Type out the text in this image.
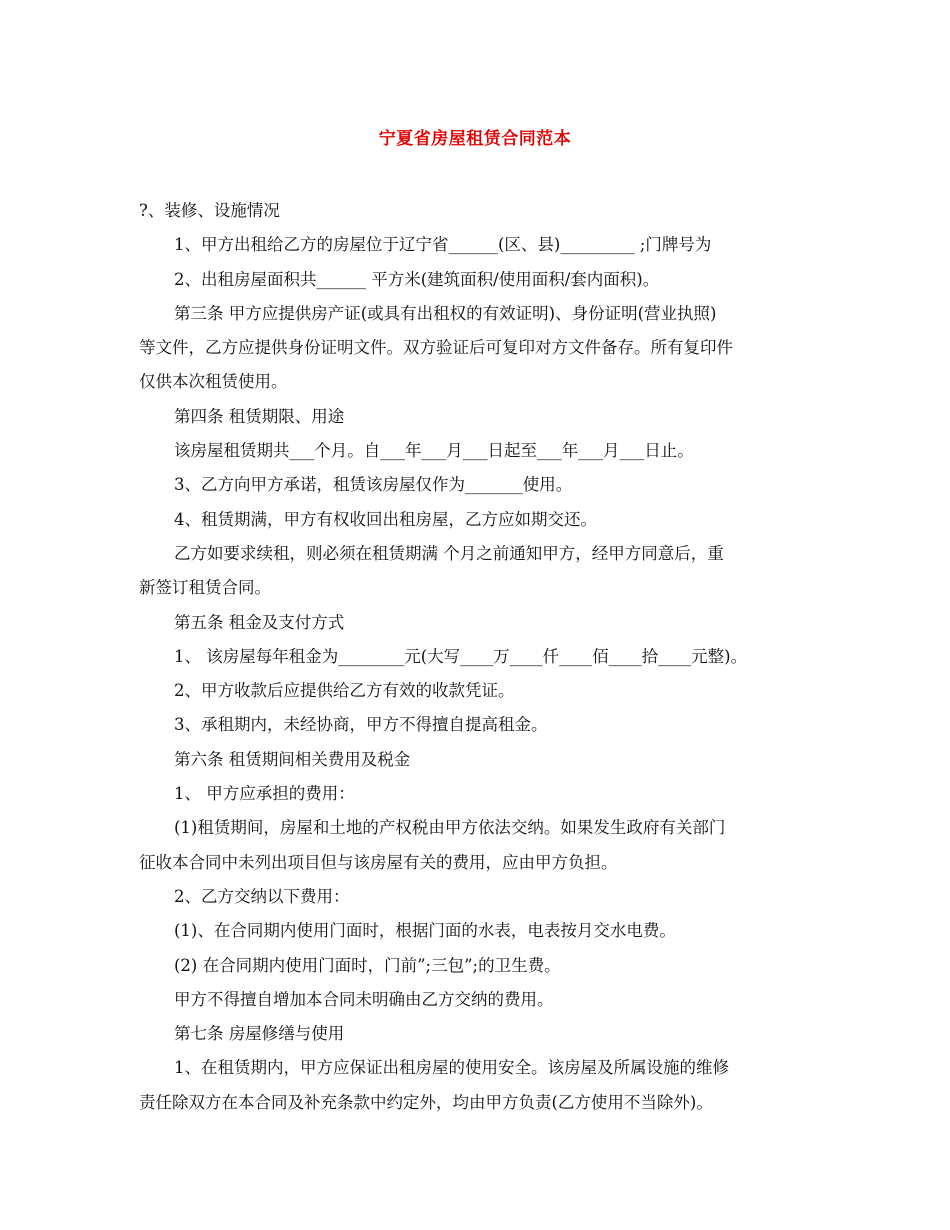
宁夏省房屋租赁合同范本
?、装修、设施情况
1、甲方出租给乙方的房屋位于辽宁省______(区、县)_________ ;门牌号为
2、出租房屋面积共______ 平方米(建筑面积/使用面积/套内面积)。
第三条 甲方应提供房产证(或具有出租权的有效证明)、身份证明(营业执照)
等文件，乙方应提供身份证明文件。双方验证后可复印对方文件备存。所有复印件
仅供本次租赁使用。
第四条 租赁期限、用途
该房屋租赁期共___个月。自___年___月___日起至___年___月___日止。
3、乙方向甲方承诺，租赁该房屋仅作为_______使用。
4、租赁期满，甲方有权收回出租房屋，乙方应如期交还。
乙方如要求续租，则必须在租赁期满 个月之前通知甲方，经甲方同意后，重
新签订租赁合同。
第五条 租金及支付方式
1、 该房屋每年租金为________元(大写____万____仟____佰____拾____元整)。
2、甲方收款后应提供给乙方有效的收款凭证。
3、承租期内，未经协商，甲方不得擅自提高租金。
第六条 租赁期间相关费用及税金
1、 甲方应承担的费用：
(1)租赁期间，房屋和土地的产权税由甲方依法交纳。如果发生政府有关部门
征收本合同中未列出项目但与该房屋有关的费用，应由甲方负担。
2、乙方交纳以下费用：
(1)、在合同期内使用门面时，根据门面的水表，电表按月交水电费。
(2) 在合同期内使用门面时，门前”;三包”;的卫生费。
甲方不得擅自增加本合同未明确由乙方交纳的费用。
第七条 房屋修缮与使用
1、在租赁期内，甲方应保证出租房屋的使用安全。该房屋及所属设施的维修
责任除双方在本合同及补充条款中约定外，均由甲方负责(乙方使用不当除外)。
